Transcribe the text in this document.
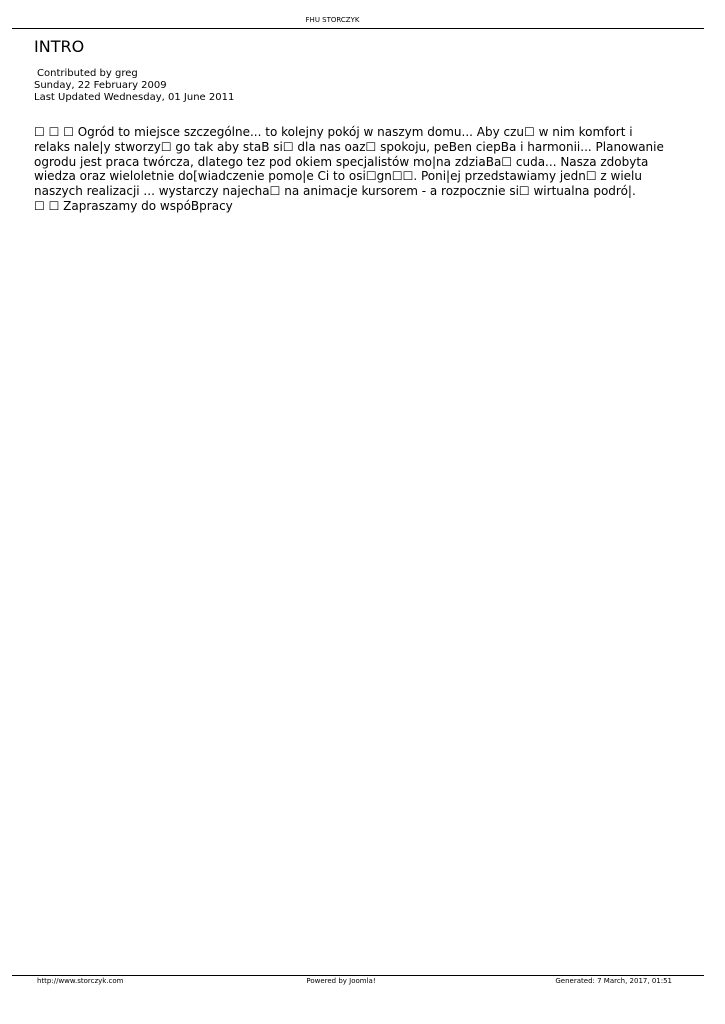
FHU STORCZYK
INTRO
Contributed by greg
Sunday, 22 February 2009
Last Updated Wednesday, 01 June 2011

☐ ☐ ☐ Ogród to miejsce szczególne... to kolejny pokój w naszym domu... Aby czu☐ w nim komfort i relaks nale|y stworzy☐ go tak aby staB si☐ dla nas oaz☐ spokoju, peBen ciepBa i harmonii... Planowanie ogrodu jest praca twórcza, dlatego tez pod okiem specjalistów mo|na zdziaBa☐ cuda... Nasza zdobyta wiedza oraz wieloletnie do[wiadczenie pomo|e Ci to osi☐gn☐☐. Poni|ej przedstawiamy jedn☐ z wielu naszych realizacji ... wystarczy najecha☐ na animacje kursorem - a rozpocznie si☐ wirtualna podró|.

☐ ☐ Zapraszamy do wspóBpracy

http://www.storczyk.com	Powered by Joomla!	Generated: 7 March, 2017, 01:51
